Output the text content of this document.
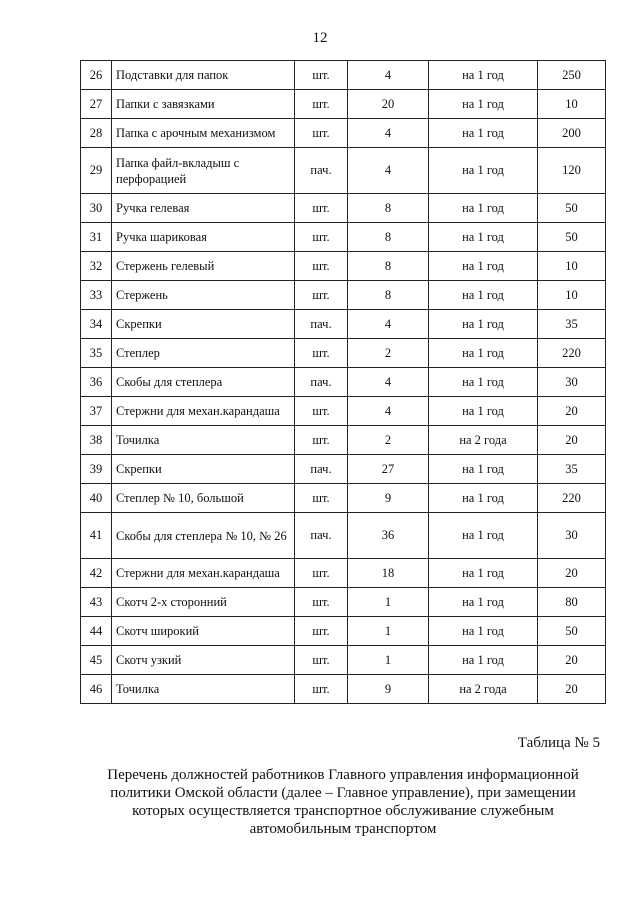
12
26	Подставки для папок	шт.	4	на 1 год	250
27	Папки с завязками	шт.	20	на 1 год	10
28	Папка с арочным механизмом	шт.	4	на 1 год	200
29	Папка файл-вкладыш с перфорацией	пач.	4	на 1 год	120
30	Ручка гелевая	шт.	8	на 1 год	50
31	Ручка шариковая	шт.	8	на 1 год	50
32	Стержень гелевый	шт.	8	на 1 год	10
33	Стержень	шт.	8	на 1 год	10
34	Скрепки	пач.	4	на 1 год	35
35	Степлер	шт.	2	на 1 год	220
36	Скобы для степлера	пач.	4	на 1 год	30
37	Стержни для механ.карандаша	шт.	4	на 1 год	20
38	Точилка	шт.	2	на 2 года	20
39	Скрепки	пач.	27	на 1 год	35
40	Степлер № 10, большой	шт.	9	на 1 год	220
41	Скобы для степлера № 10, № 26	пач.	36	на 1 год	30
42	Стержни для механ.карандаша	шт.	18	на 1 год	20
43	Скотч 2-х сторонний	шт.	1	на 1 год	80
44	Скотч широкий	шт.	1	на 1 год	50
45	Скотч узкий	шт.	1	на 1 год	20
46	Точилка	шт.	9	на 2 года	20
Таблица № 5
Перечень должностей работников Главного управления информационной
политики Омской области (далее – Главное управление), при замещении
которых осуществляется транспортное обслуживание служебным
автомобильным транспортом
